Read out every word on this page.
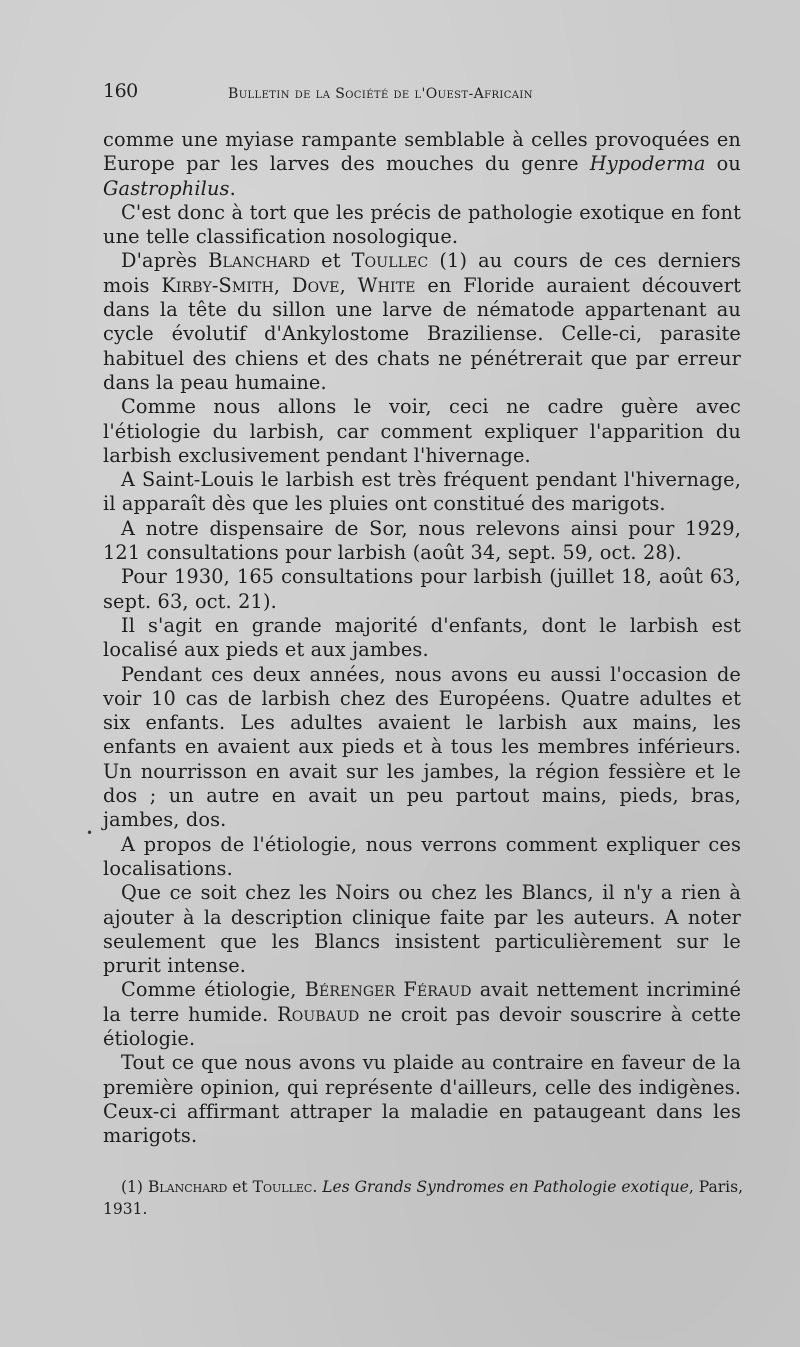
160	Bulletin de la Société de l'Ouest-Africain
•

comme une myiase rampante semblable à celles provoquées en Europe par les larves des mouches du genre Hypoderma ou Gastrophilus.

C'est donc à tort que les précis de pathologie exotique en font une telle classification nosologique.

D'après Blanchard et Toullec (1) au cours de ces derniers mois Kirby-Smith, Dove, White en Floride auraient découvert dans la tête du sillon une larve de nématode appartenant au cycle évolutif d'Ankylostome Braziliense. Celle-ci, parasite habituel des chiens et des chats ne pénétrerait que par erreur dans la peau humaine.

Comme nous allons le voir, ceci ne cadre guère avec l'étiologie du larbish, car comment expliquer l'apparition du larbish exclusivement pendant l'hivernage.

A Saint-Louis le larbish est très fréquent pendant l'hivernage, il apparaît dès que les pluies ont constitué des marigots.

A notre dispensaire de Sor, nous relevons ainsi pour 1929, 121 consultations pour larbish (août 34, sept. 59, oct. 28).

Pour 1930, 165 consultations pour larbish (juillet 18, août 63, sept. 63, oct. 21).

Il s'agit en grande majorité d'enfants, dont le larbish est localisé aux pieds et aux jambes.

Pendant ces deux années, nous avons eu aussi l'occasion de voir 10 cas de larbish chez des Européens. Quatre adultes et six enfants. Les adultes avaient le larbish aux mains, les enfants en avaient aux pieds et à tous les membres inférieurs. Un nourrisson en avait sur les jambes, la région fessière et le dos ; un autre en avait un peu partout mains, pieds, bras, jambes, dos.

A propos de l'étiologie, nous verrons comment expliquer ces localisations.

Que ce soit chez les Noirs ou chez les Blancs, il n'y a rien à ajouter à la description clinique faite par les auteurs. A noter seulement que les Blancs insistent particulièrement sur le prurit intense.

Comme étiologie, Bérenger Féraud avait nettement incriminé la terre humide. Roubaud ne croit pas devoir souscrire à cette étiologie.

Tout ce que nous avons vu plaide au contraire en faveur de la première opinion, qui représente d'ailleurs, celle des indigènes. Ceux-ci affirmant attraper la maladie en pataugeant dans les marigots.

(1) Blanchard et Toullec. Les Grands Syndromes en Pathologie exotique, Paris, 1931.
